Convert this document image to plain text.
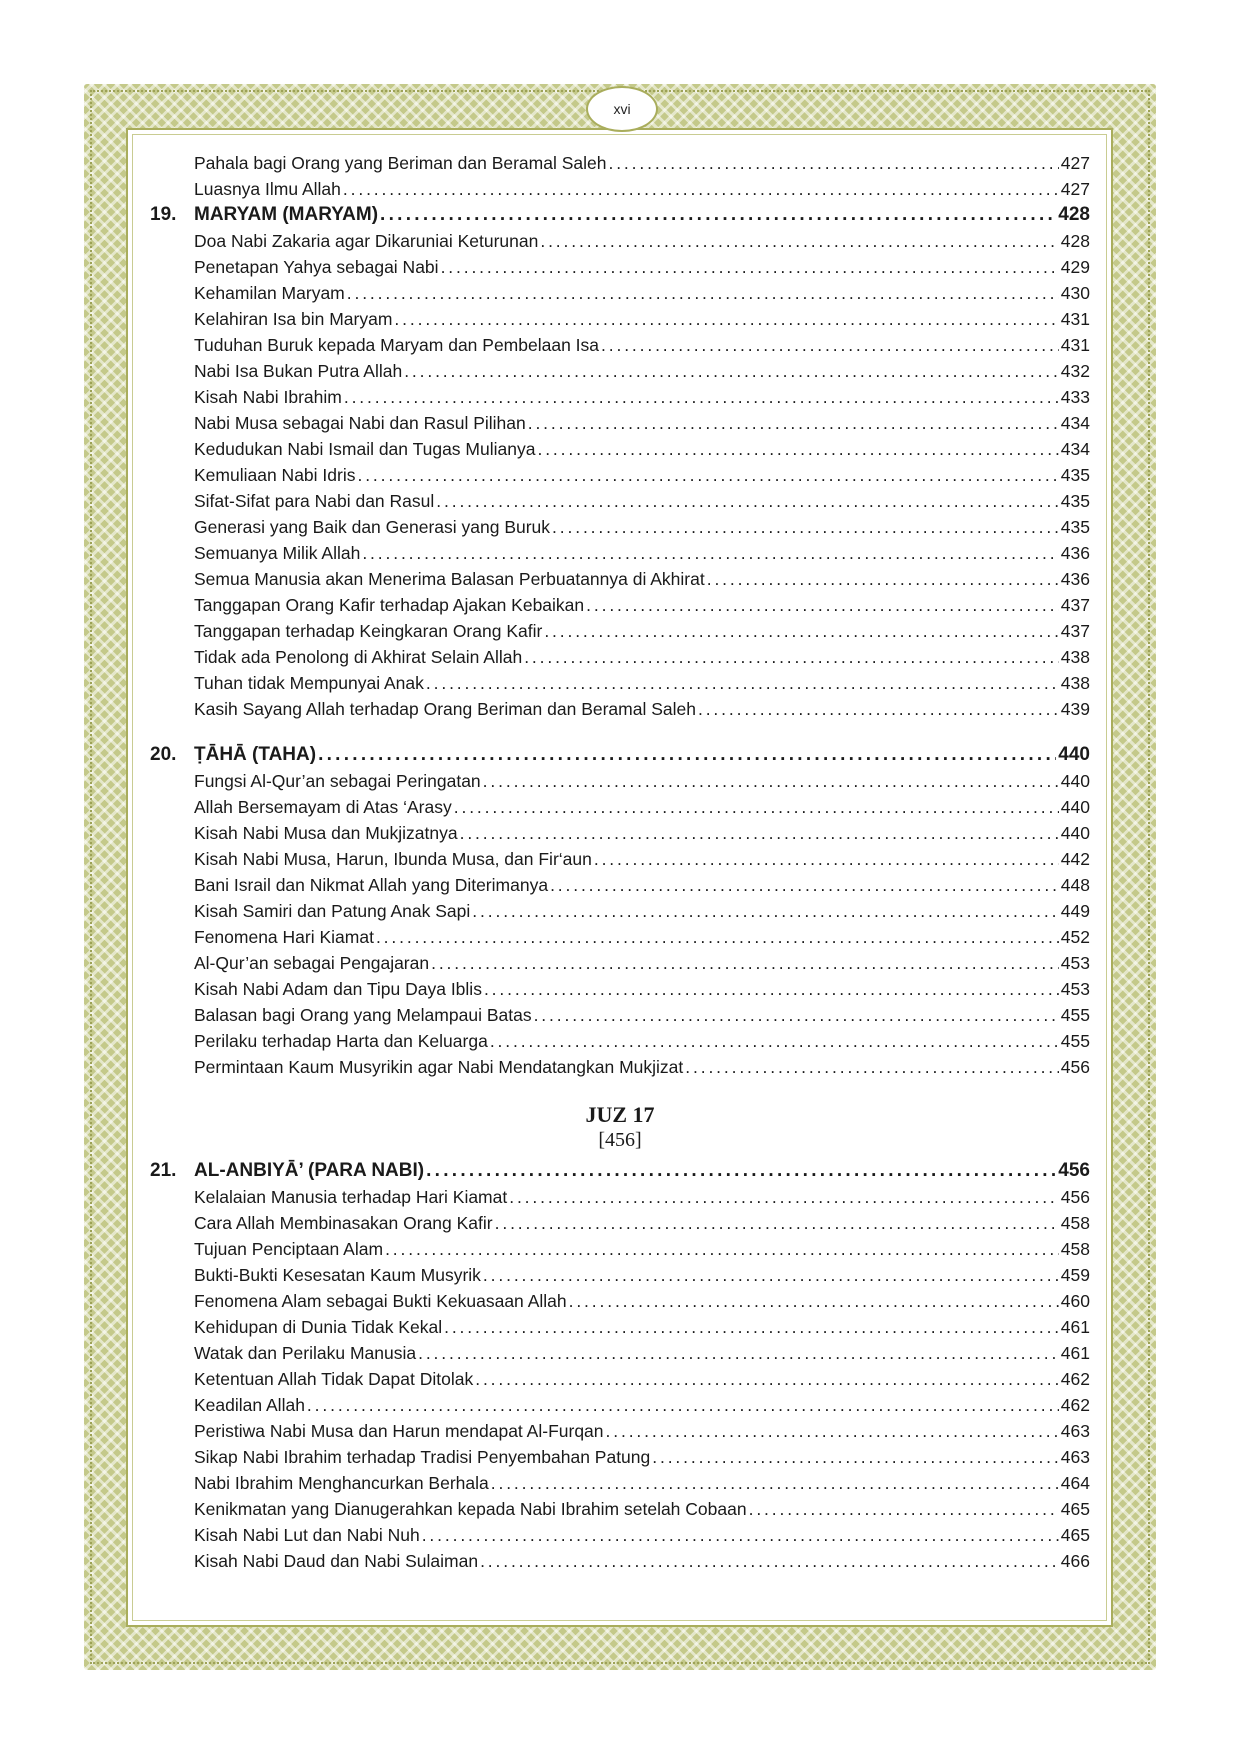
xvi
Pahala bagi Orang yang Beriman dan Beramal Saleh . . .	427
Luasnya Ilmu Allah . . .	427
19. MARYAM (MARYAM) . . .	428
Doa Nabi Zakaria agar Dikaruniai Keturunan . . .	428
Penetapan Yahya sebagai Nabi . . .	429
Kehamilan Maryam . . .	430
Kelahiran Isa bin Maryam . . .	431
Tuduhan Buruk kepada Maryam dan Pembelaan Isa . . .	431
Nabi Isa Bukan Putra Allah . . .	432
Kisah Nabi Ibrahim . . .	433
Nabi Musa sebagai Nabi dan Rasul Pilihan . . .	434
Kedudukan Nabi Ismail dan Tugas Mulianya . . .	434
Kemuliaan Nabi Idris . . .	435
Sifat-Sifat para Nabi dan Rasul . . .	435
Generasi yang Baik dan Generasi yang Buruk . . .	435
Semuanya Milik Allah . . .	436
Semua Manusia akan Menerima Balasan Perbuatannya di Akhirat . . .	436
Tanggapan Orang Kafir terhadap Ajakan Kebaikan . . .	437
Tanggapan terhadap Keingkaran Orang Kafir . . .	437
Tidak ada Penolong di Akhirat Selain Allah . . .	438
Tuhan tidak Mempunyai Anak . . .	438
Kasih Sayang Allah terhadap Orang Beriman dan Beramal Saleh . . .	439
20. ṬĀHĀ (TAHA) . . .	440
Fungsi Al-Qur’an sebagai Peringatan . . .	440
Allah Bersemayam di Atas ‘Arasy . . .	440
Kisah Nabi Musa dan Mukjizatnya . . .	440
Kisah Nabi Musa, Harun, Ibunda Musa, dan Fir‘aun . . .	442
Bani Israil dan Nikmat Allah yang Diterimanya . . .	448
Kisah Samiri dan Patung Anak Sapi . . .	449
Fenomena Hari Kiamat . . .	452
Al-Qur’an sebagai Pengajaran . . .	453
Kisah Nabi Adam dan Tipu Daya Iblis . . .	453
Balasan bagi Orang yang Melampaui Batas . . .	455
Perilaku terhadap Harta dan Keluarga . . .	455
Permintaan Kaum Musyrikin agar Nabi Mendatangkan Mukjizat . . .	456
JUZ 17
[456]
21. AL-ANBIYĀ’ (PARA NABI) . . .	456
Kelalaian Manusia terhadap Hari Kiamat . . .	456
Cara Allah Membinasakan Orang Kafir . . .	458
Tujuan Penciptaan Alam . . .	458
Bukti-Bukti Kesesatan Kaum Musyrik . . .	459
Fenomena Alam sebagai Bukti Kekuasaan Allah . . .	460
Kehidupan di Dunia Tidak Kekal . . .	461
Watak dan Perilaku Manusia . . .	461
Ketentuan Allah Tidak Dapat Ditolak . . .	462
Keadilan Allah . . .	462
Peristiwa Nabi Musa dan Harun mendapat Al-Furqan . . .	463
Sikap Nabi Ibrahim terhadap Tradisi Penyembahan Patung . . .	463
Nabi Ibrahim Menghancurkan Berhala . . .	464
Kenikmatan yang Dianugerahkan kepada Nabi Ibrahim setelah Cobaan . . .	465
Kisah Nabi Lut dan Nabi Nuh . . .	465
Kisah Nabi Daud dan Nabi Sulaiman . . .	466
